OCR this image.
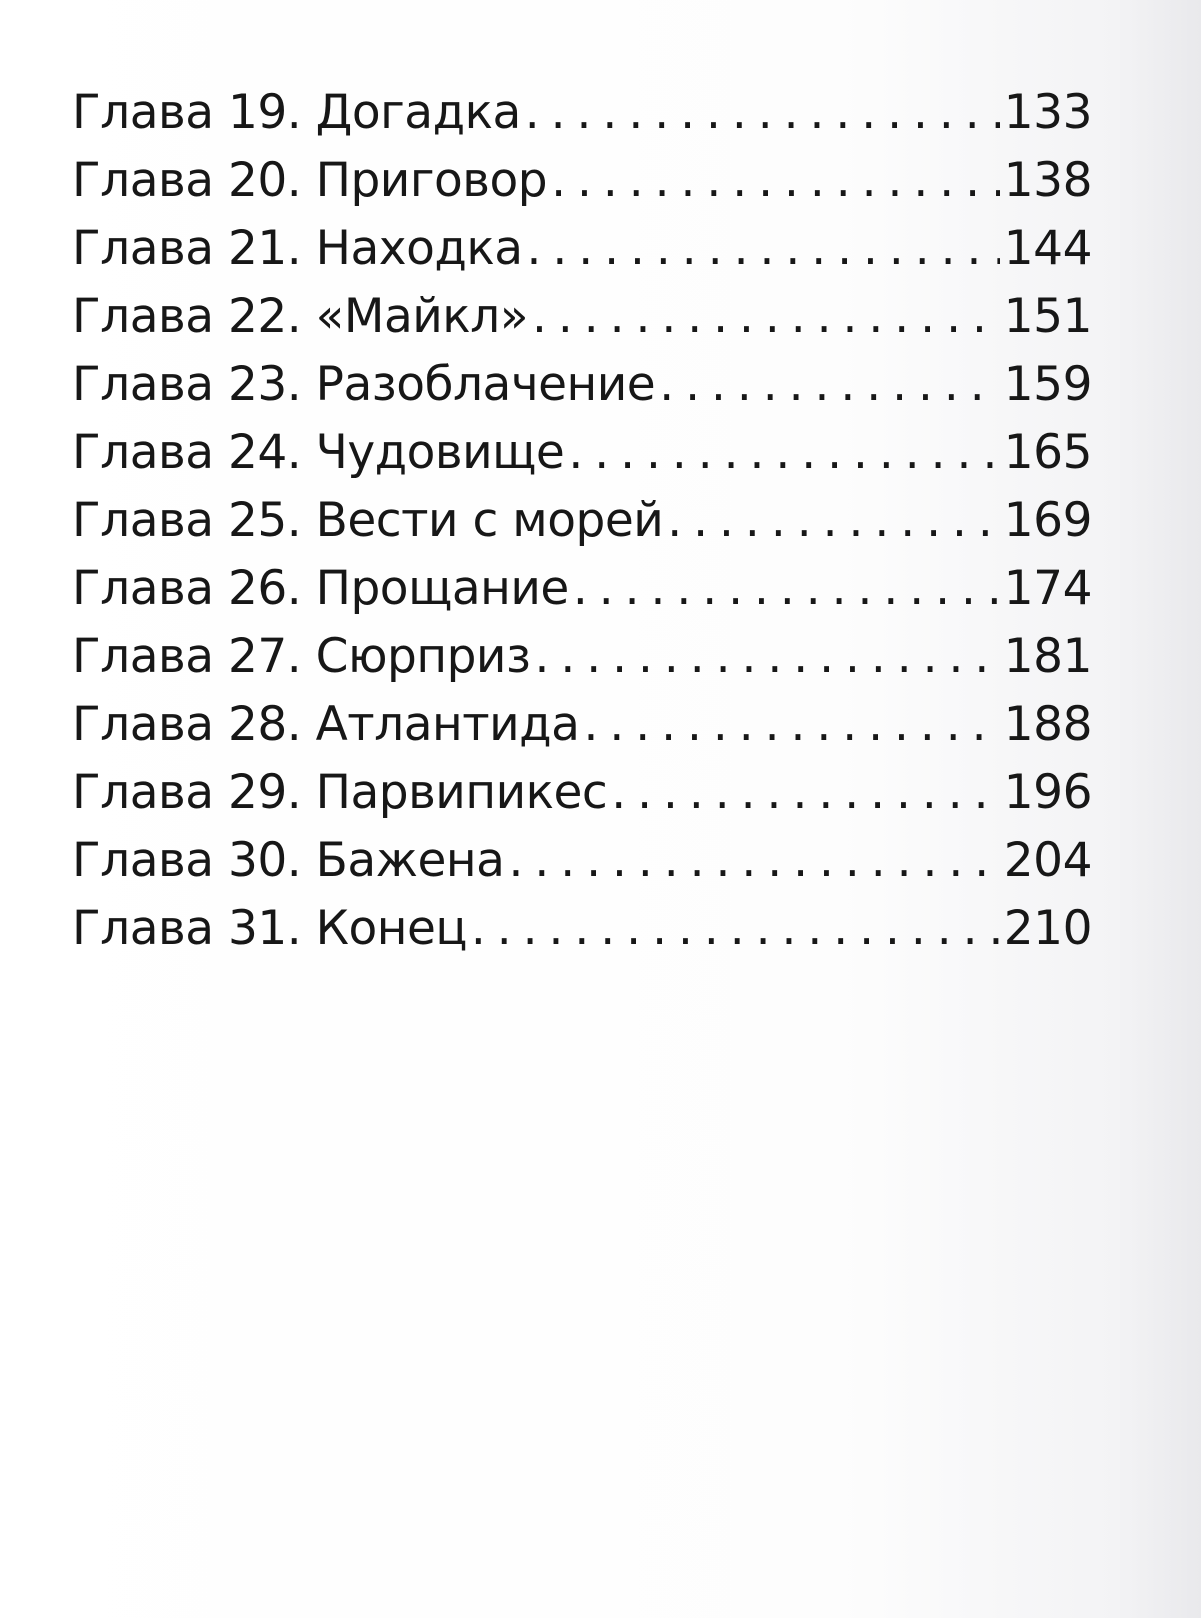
Глава 19. Догадка . . .	133
Глава 20. Приговор . . .	138
Глава 21. Находка . . .	144
Глава 22. «Майкл» . . .	151
Глава 23. Разоблачение . . .	159
Глава 24. Чудовище . . .	165
Глава 25. Вести с морей . . .	169
Глава 26. Прощание . . .	174
Глава 27. Сюрприз . . .	181
Глава 28. Атлантида . . .	188
Глава 29. Парвипикес . . .	196
Глава 30. Бажена . . .	204
Глава 31. Конец . . .	210
